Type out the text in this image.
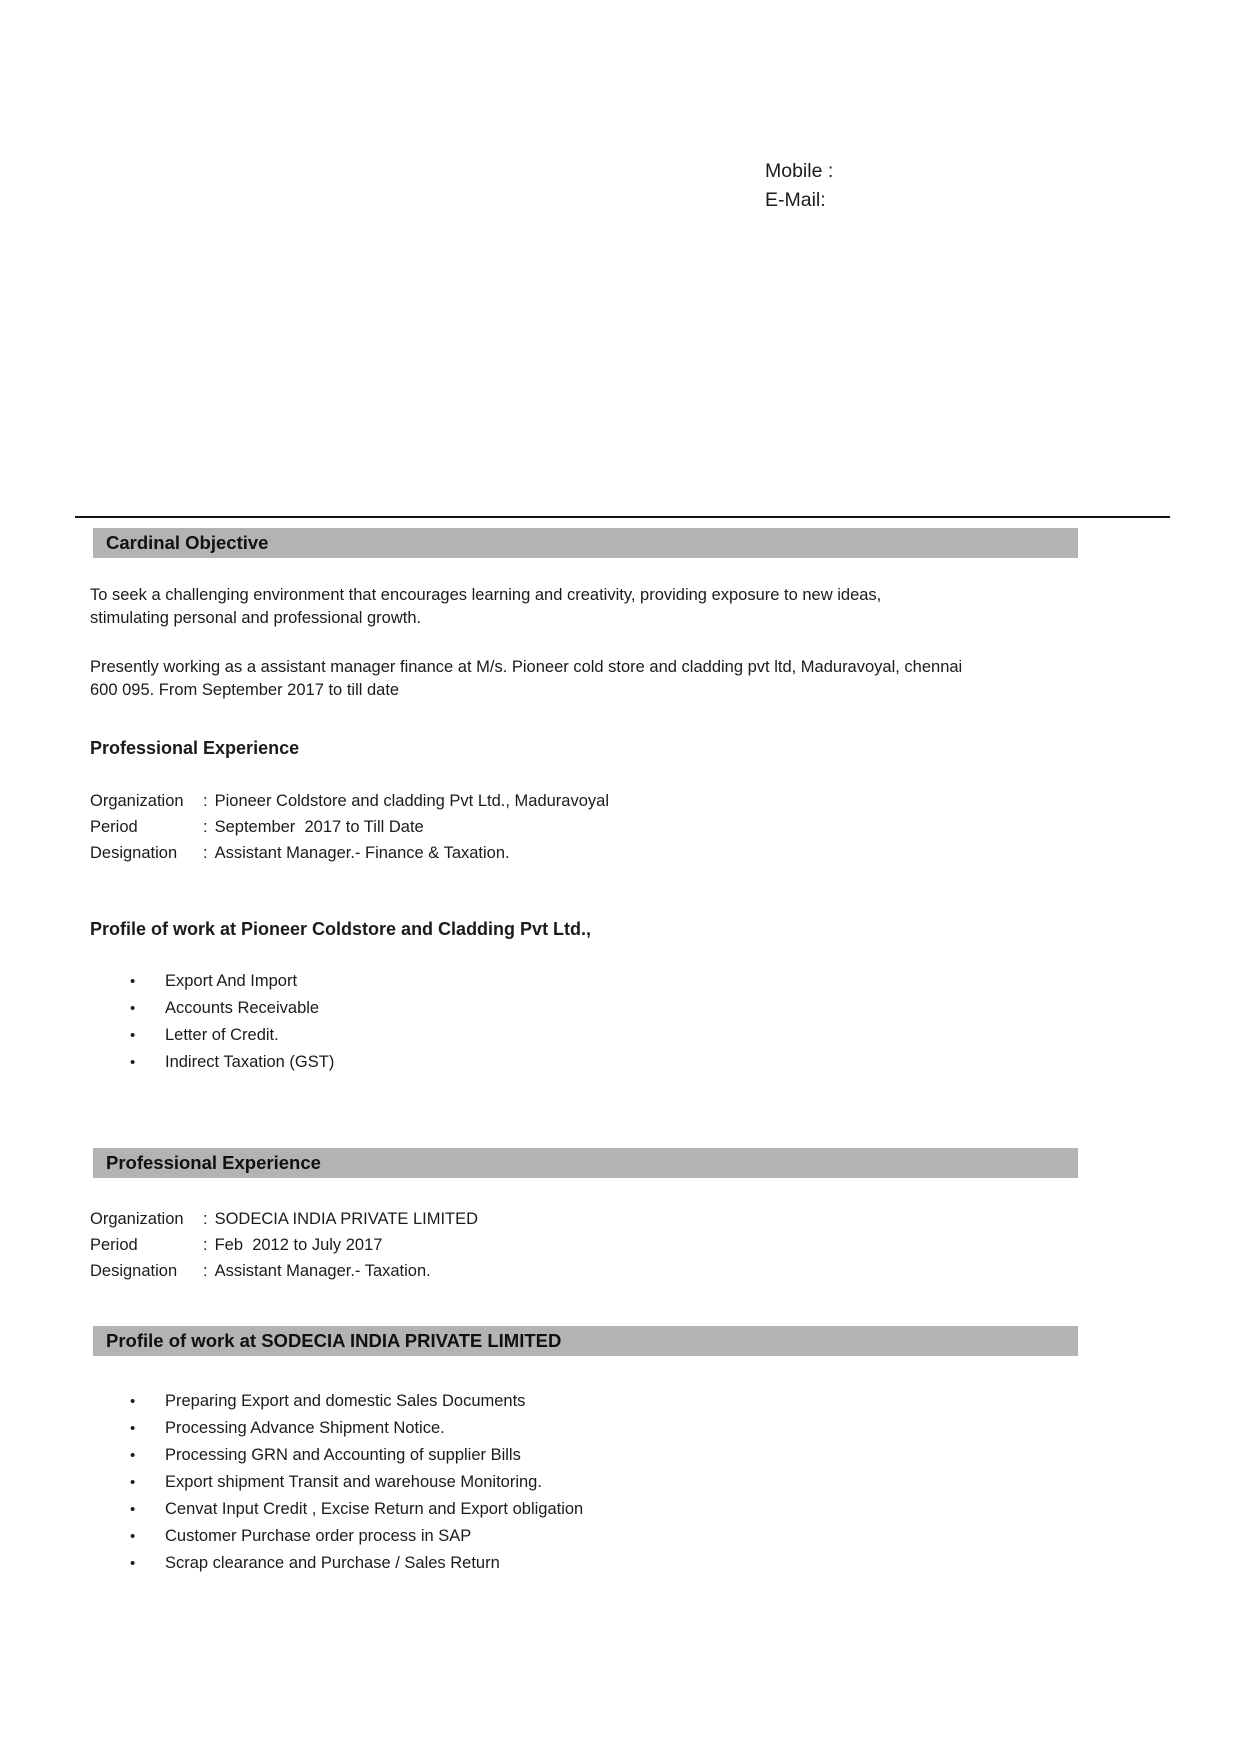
Mobile :
E-Mail:
Cardinal Objective
To seek a challenging environment that encourages learning and creativity, providing exposure to new ideas,
stimulating personal and professional growth.
Presently working as a assistant manager finance at M/s. Pioneer cold store and cladding pvt ltd, Maduravoyal, chennai
600 095. From September 2017 to till date
Professional Experience
Organization	: Pioneer Coldstore and cladding Pvt Ltd., Maduravoyal
Period	: September  2017 to Till Date
Designation	: Assistant Manager.- Finance & Taxation.
Profile of work at Pioneer Coldstore and Cladding Pvt Ltd.,
•	Export And Import
•	Accounts Receivable
•	Letter of Credit.
•	Indirect Taxation (GST)
Professional Experience
Organization	: SODECIA INDIA PRIVATE LIMITED
Period	: Feb  2012 to July 2017
Designation	: Assistant Manager.- Taxation.
Profile of work at SODECIA INDIA PRIVATE LIMITED
•	Preparing Export and domestic Sales Documents
•	Processing Advance Shipment Notice.
•	Processing GRN and Accounting of supplier Bills
•	Export shipment Transit and warehouse Monitoring.
•	Cenvat Input Credit , Excise Return and Export obligation
•	Customer Purchase order process in SAP
•	Scrap clearance and Purchase / Sales Return
